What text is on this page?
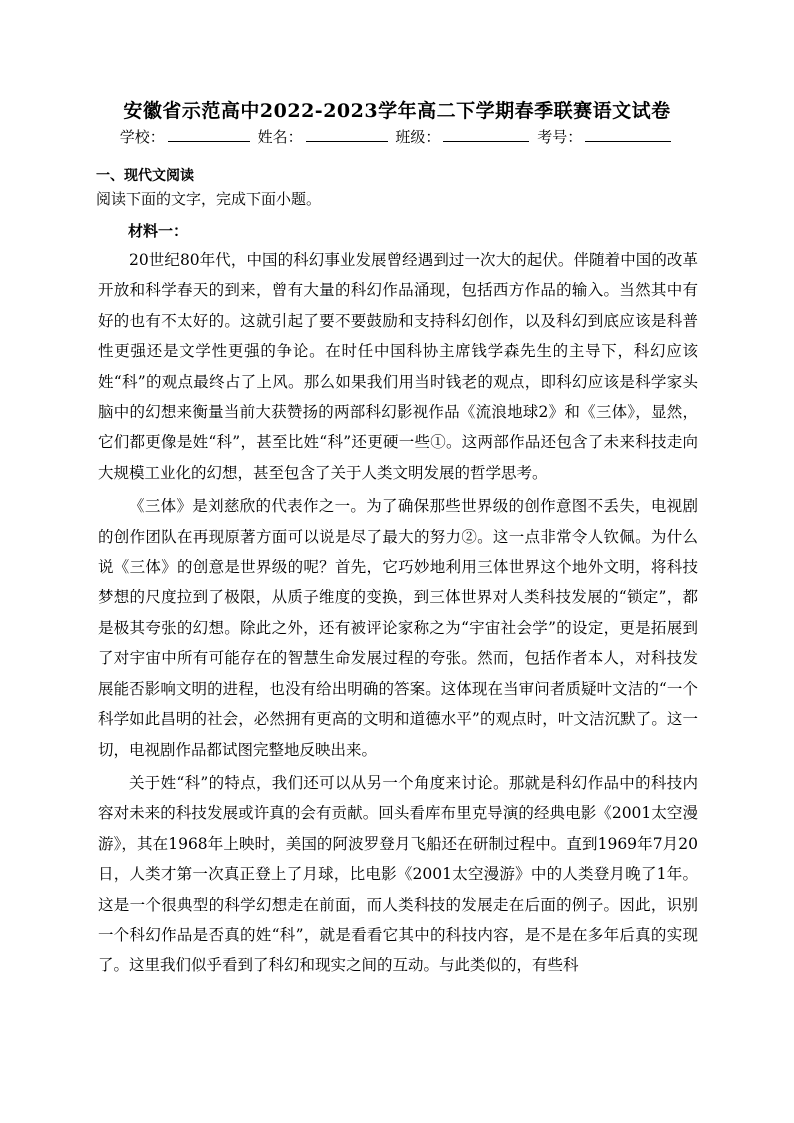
安徽省示范高中2022-2023学年高二下学期春季联赛语文试卷
学校：	姓名：	班级：	考号：
一、现代文阅读
阅读下面的文字，完成下面小题。
材料一：

20世纪80年代，中国的科幻事业发展曾经遇到过一次大的起伏。伴随着中国的改革开放和科学春天的到来，曾有大量的科幻作品涌现，包括西方作品的输入。当然其中有好的也有不太好的。这就引起了要不要鼓励和支持科幻创作，以及科幻到底应该是科普性更强还是文学性更强的争论。在时任中国科协主席钱学森先生的主导下，科幻应该姓“科”的观点最终占了上风。那么如果我们用当时钱老的观点，即科幻应该是科学家头脑中的幻想来衡量当前大获赞扬的两部科幻影视作品《流浪地球2》和《三体》，显然，它们都更像是姓“科”，甚至比姓“科”还更硬一些①。这两部作品还包含了未来科技走向大规模工业化的幻想，甚至包含了关于人类文明发展的哲学思考。

《三体》是刘慈欣的代表作之一。为了确保那些世界级的创作意图不丢失，电视剧的创作团队在再现原著方面可以说是尽了最大的努力②。这一点非常令人钦佩。为什么说《三体》的创意是世界级的呢？首先，它巧妙地利用三体世界这个地外文明，将科技梦想的尺度拉到了极限，从质子维度的变换，到三体世界对人类科技发展的“锁定”，都是极其夸张的幻想。除此之外，还有被评论家称之为“宇宙社会学”的设定，更是拓展到了对宇宙中所有可能存在的智慧生命发展过程的夸张。然而，包括作者本人，对科技发展能否影响文明的进程，也没有给出明确的答案。这体现在当审问者质疑叶文洁的“一个科学如此昌明的社会，必然拥有更高的文明和道德水平”的观点时，叶文洁沉默了。这一切，电视剧作品都试图完整地反映出来。

关于姓“科”的特点，我们还可以从另一个角度来讨论。那就是科幻作品中的科技内容对未来的科技发展或许真的会有贡献。回头看库布里克导演的经典电影《2001太空漫游》，其在1968年上映时，美国的阿波罗登月飞船还在研制过程中。直到1969年7月20日，人类才第一次真正登上了月球，比电影《2001太空漫游》中的人类登月晚了1年。这是一个很典型的科学幻想走在前面，而人类科技的发展走在后面的例子。因此，识别一个科幻作品是否真的姓“科”，就是看看它其中的科技内容，是不是在多年后真的实现了。这里我们似乎看到了科幻和现实之间的互动。与此类似的，有些科
